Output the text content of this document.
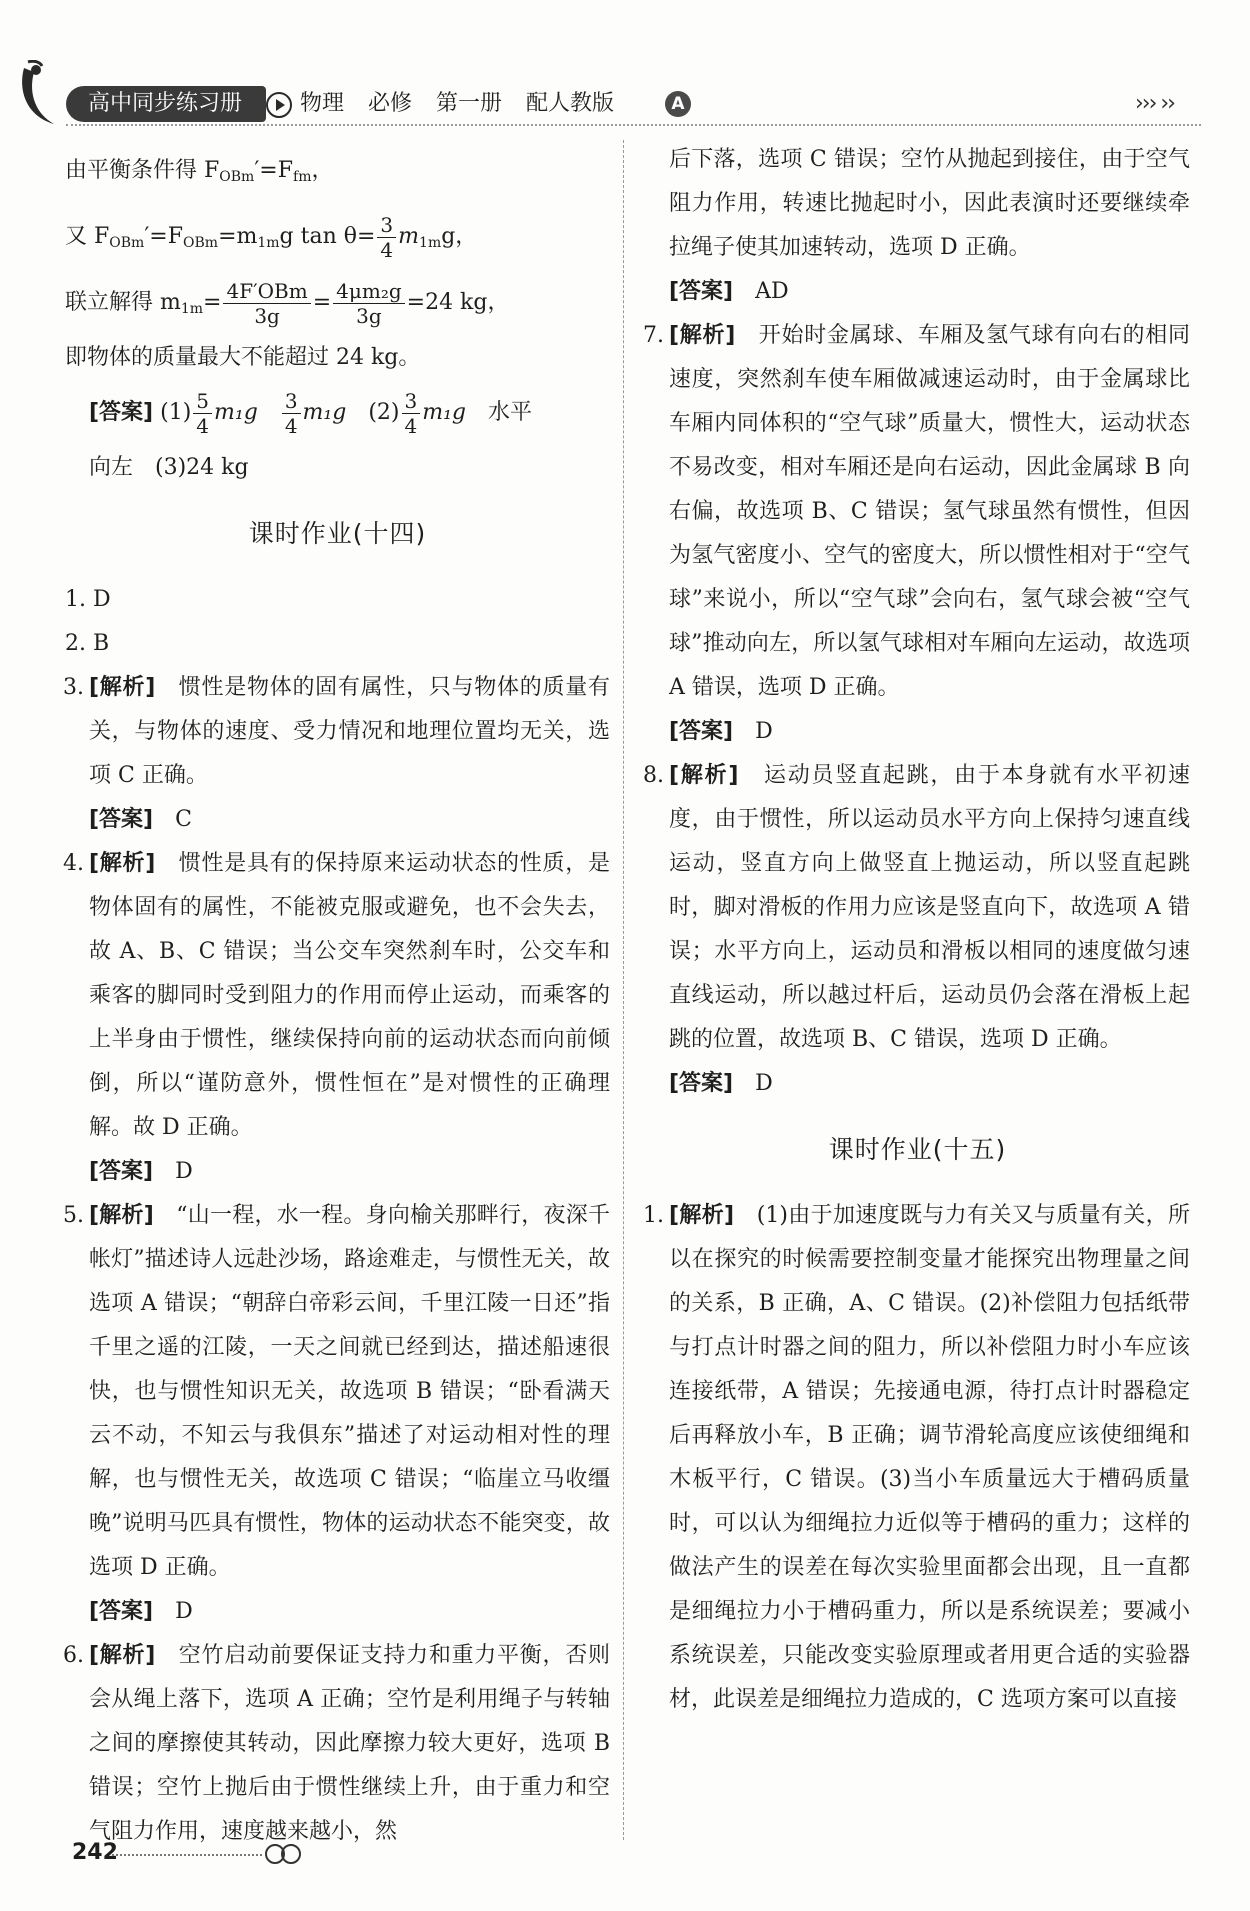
高中同步练习册	物理 必修 第一册 配人教版	A	››› ››

由平衡条件得 $F_{OBm}'=F_{fm}$，

又 $F_{OBm}'=F_{OBm}=m_{1m}g$ $\tan \theta= \frac{3}{4} m_{1m}g$，

联立解得 $m_{1m}= \frac{\text{4F′OBm}}{3g} = \frac{\text{4μm₂g}}{3g} =24$ kg，

即物体的质量最大不能超过 24 kg。

[答案] $(1) \frac{5}{4} m_1g$　 $\frac{3}{4} m_1g$　 $(2) \frac{3}{4} m_1g$　 水平

向左　(3)24 kg

课时作业(十四)

1. D

2. B

3. [解析]　 惯性是物体的固有属性，只与物体的质量有关，与物体的速度、受力情况和地理位置均无关，选项 C 正确。

[答案]　 C

4. [解析]　 惯性是具有的保持原来运动状态的性质，是物体固有的属性，不能被克服或避免，也不会失去，故 A、B、C 错误；当公交车突然刹车时，公交车和乘客的脚同时受到阻力的作用而停止运动，而乘客的上半身由于惯性，继续保持向前的运动状态而向前倾倒，所以“谨防意外，惯性恒在”是对惯性的正确理解。故 D 正确。

[答案]　 D

5. [解析]　 “山一程，水一程。身向榆关那畔行，夜深千帐灯”描述诗人远赴沙场，路途难走，与惯性无关，故选项 A 错误；“朝辞白帝彩云间，千里江陵一日还”指千里之遥的江陵，一天之间就已经到达，描述船速很快，也与惯性知识无关，故选项 B 错误；“卧看满天云不动，不知云与我俱东”描述了对运动相对性的理解，也与惯性无关，故选项 C 错误；“临崖立马收缰晚”说明马匹具有惯性，物体的运动状态不能突变，故选项 D 正确。

[答案]　 D

6. [解析]　 空竹启动前要保证支持力和重力平衡，否则会从绳上落下，选项 A 正确；空竹是利用绳子与转轴之间的摩擦使其转动，因此摩擦力较大更好，选项 B 错误；空竹上抛后由于惯性继续上升，由于重力和空气阻力作用，速度越来越小，然

后下落，选项 C 错误；空竹从抛起到接住，由于空气阻力作用，转速比抛起时小，因此表演时还要继续牵拉绳子使其加速转动，选项 D 正确。

[答案]　 AD

7. [解析]　 开始时金属球、车厢及氢气球有向右的相同速度，突然刹车使车厢做减速运动时，由于金属球比车厢内同体积的“空气球”质量大，惯性大，运动状态不易改变，相对车厢还是向右运动，因此金属球 B 向右偏，故选项 B、C 错误；氢气球虽然有惯性，但因为氢气密度小、空气的密度大，所以惯性相对于“空气球”来说小，所以“空气球”会向右，氢气球会被“空气球”推动向左，所以氢气球相对车厢向左运动，故选项 A 错误，选项 D 正确。

[答案]　 D

8. [解析]　 运动员竖直起跳，由于本身就有水平初速度，由于惯性，所以运动员水平方向上保持匀速直线运动，竖直方向上做竖直上抛运动，所以竖直起跳时，脚对滑板的作用力应该是竖直向下，故选项 A 错误；水平方向上，运动员和滑板以相同的速度做匀速直线运动，所以越过杆后，运动员仍会落在滑板上起跳的位置，故选项 B、C 错误，选项 D 正确。

[答案]　 D

课时作业(十五)
1. [解析]　 (1)由于加速度既与力有关又与质量有关，所以在探究的时候需要控制变量才能探究出物理量之间的关系，B 正确，A、C 错误。(2)补偿阻力包括纸带与打点计时器之间的阻力，所以补偿阻力时小车应该连接纸带，A 错误；先接通电源，待打点计时器稳定后再释放小车，B 正确；调节滑轮高度应该使细绳和木板平行，C 错误。(3)当小车质量远大于槽码质量时，可以认为细绳拉力近似等于槽码的重力；这样的做法产生的误差在每次实验里面都会出现，且一直都是细绳拉力小于槽码重力，所以是系统误差；要减小系统误差，只能改变实验原理或者用更合适的实验器材，此误差是细绳拉力造成的，C 选项方案可以直接
242
